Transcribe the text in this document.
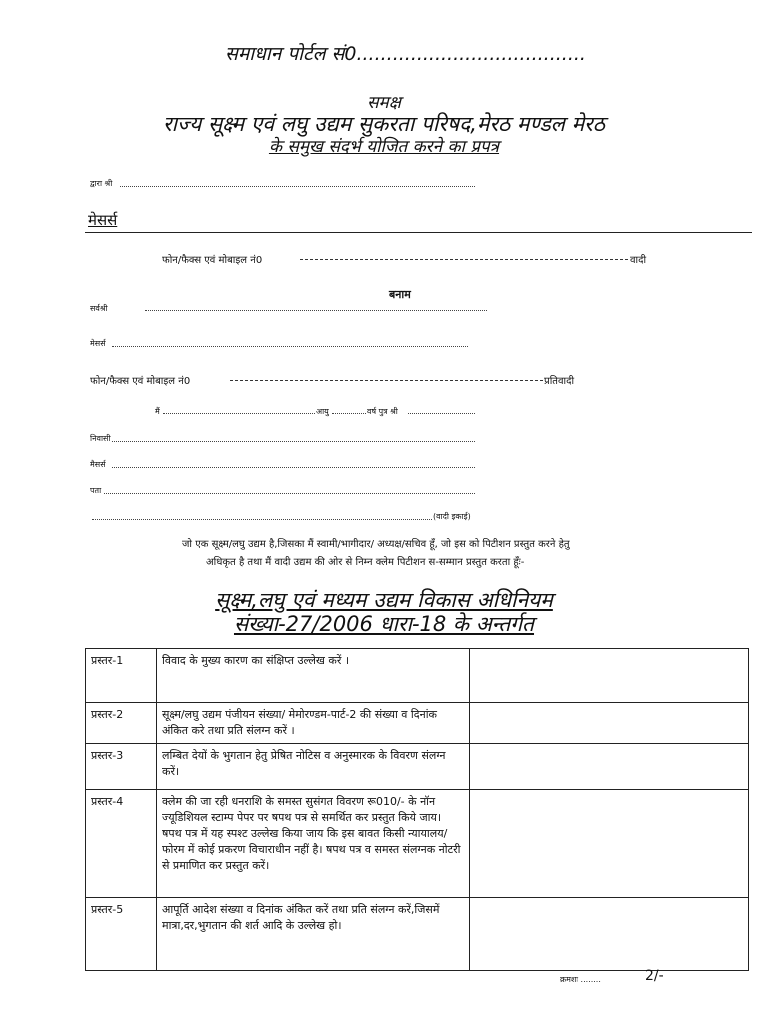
समाधान पोर्टल सं0......................................
समक्ष
राज्य सूक्ष्म एवं लघु उद्यम सुकरता परिषद,मेरठ मण्डल मेरठ
के समुख संदर्भ योजित करने का प्रपत्र
द्वारा श्री
मेसर्स
फोन/फैक्स एवं मोबाइल नं0	वादी
बनाम
सर्वश्री
मेसर्स
फोन/फैक्स एवं मोबाइल नं0	प्रतिवादी
मैं	आयु	वर्ष पुत्र श्री
निवासी
मैसर्स
पता
(वादी इकाई)
जो एक सूक्ष्म/लघु उद्यम है,जिसका मैं स्वामी/भागीदार/ अध्यक्ष/सचिव हूँ, जो इस को पिटीशन प्रस्तुत करने हेतु
अधिकृत है तथा मैं वादी उद्यम की ओर से निम्न क्लेम पिटीशन स-सम्मान प्रस्तुत करता हूँः-
सूक्ष्म,लघु एवं मध्यम उद्यम विकास अधिनियम
संख्या-27/2006 धारा-18 के अन्तर्गत
प्रस्तर-1	विवाद के मुख्य कारण का संक्षिप्त उल्लेख करें ।	
प्रस्तर-2	सूक्ष्म/लघु उद्यम पंजीयन संख्या/ मेमोरण्डम-पार्ट-2 की संख्या व दिनांक अंकित करे तथा प्रति संलग्न करें ।	
प्रस्तर-3	लम्बित देयों के भुगतान हेतु प्रेषित नोटिस व अनुस्मारक के विवरण संलग्न करें।	
प्रस्तर-4	क्लेम की जा रही धनराशि के समस्त सुसंगत विवरण रू010/- के नॉन ज्यूडिशियल स्टाम्प पेपर पर षपथ पत्र से समर्थित कर प्रस्तुत किये जाय। षपथ पत्र में यह स्पश्ट उल्लेख किया जाय कि इस बावत किसी न्यायालय/फोरम में कोई प्रकरण विचाराधीन नहीं है। षपथ पत्र व समस्त संलग्नक नोटरी से प्रमाणित कर प्रस्तुत करें।	
प्रस्तर-5	आपूर्ति आदेश संख्या व दिनांक अंकित करें तथा प्रति संलग्न करें,जिसमें मात्रा,दर,भुगतान की शर्त आदि के उल्लेख हो।	
क्रमशः ........	2/-
